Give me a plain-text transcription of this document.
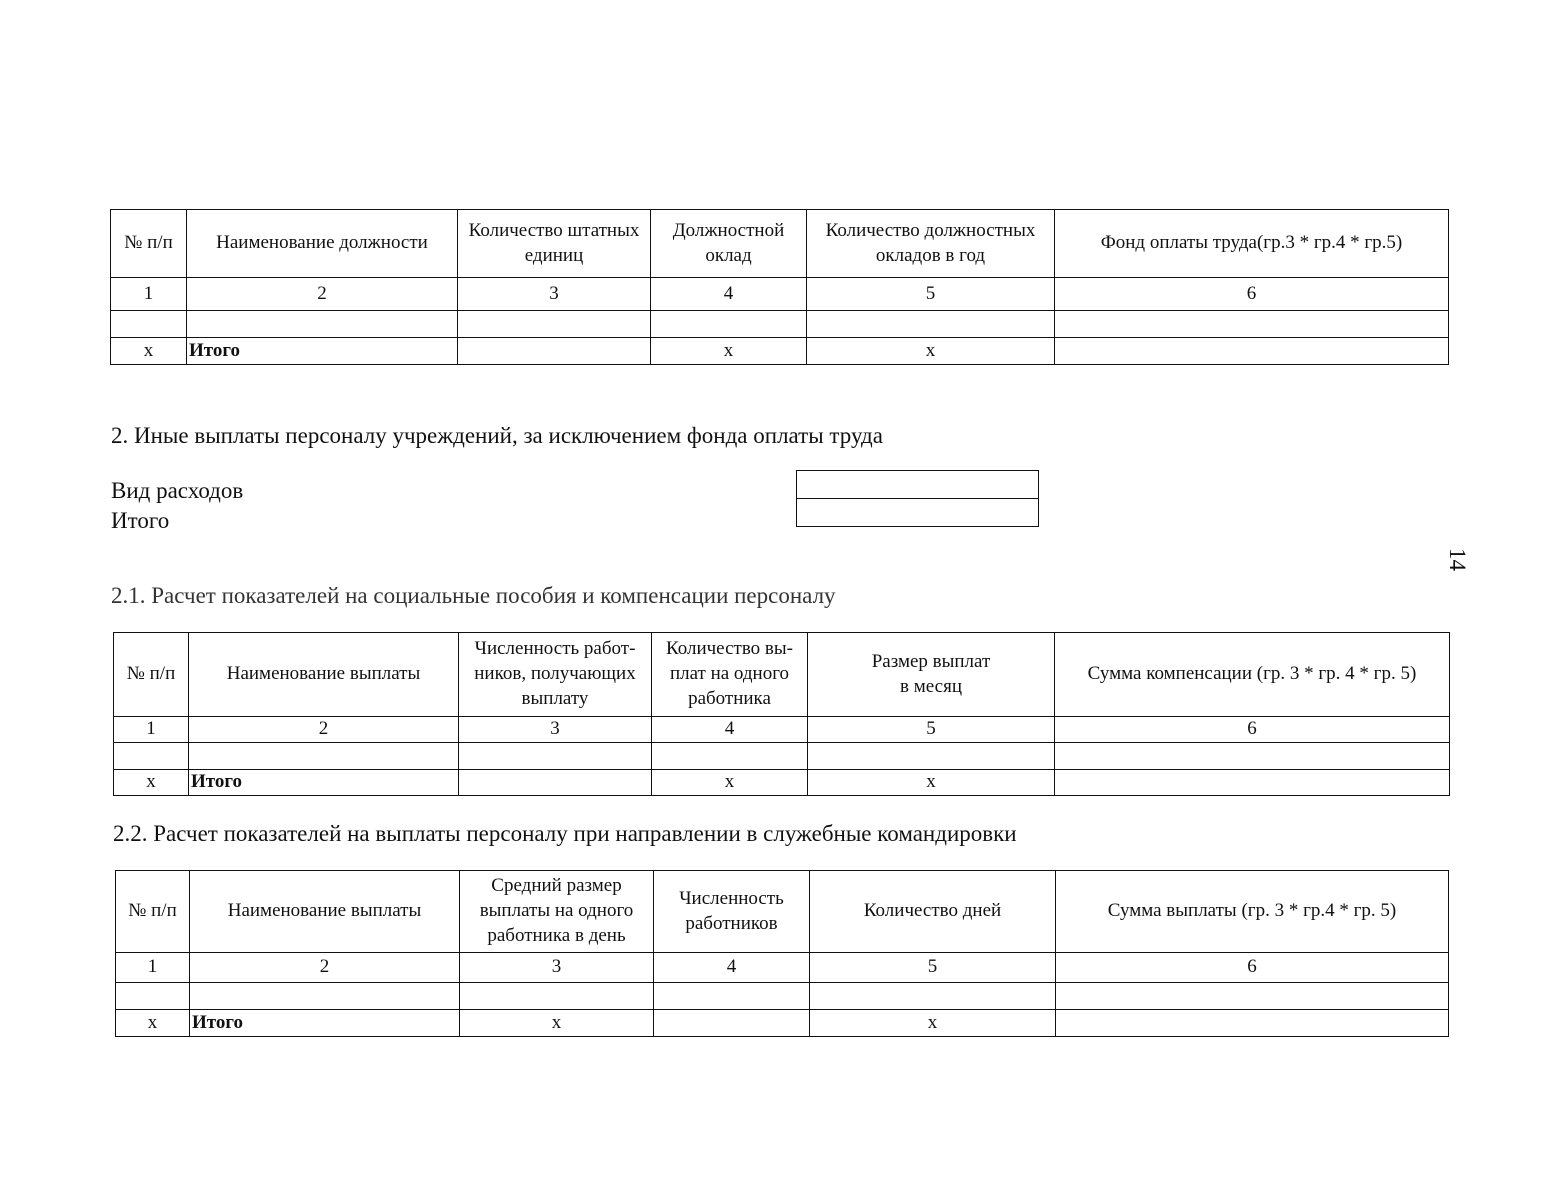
№ п/п	Наименование должности	Количество штатных единиц	Должностной оклад	Количество должностных окладов в год	Фонд оплаты труда(гр.3 * гр.4 * гр.5)
1	2	3	4	5	6

x	Итого		x	x	
2. Иные выплаты персоналу учреждений, за исключением фонда оплаты труда
Вид расходов
Итого

14
2.1. Расчет показателей на социальные пособия и компенсации персоналу
№ п/п	Наименование выплаты	Численность работ-ников, получающих выплату	Количество вы-плат на одного работника	Размер выплат в месяц	Сумма компенсации (гр. 3 * гр. 4 * гр. 5)
1	2	3	4	5	6

x	Итого		x	x	
2.2. Расчет показателей на выплаты персоналу при направлении в служебные командировки
№ п/п	Наименование выплаты	Средний размер выплаты на одного работника в день	Численность работников	Количество дней	Сумма выплаты (гр. 3 * гр.4 * гр. 5)
1	2	3	4	5	6

x	Итого	x		x	
